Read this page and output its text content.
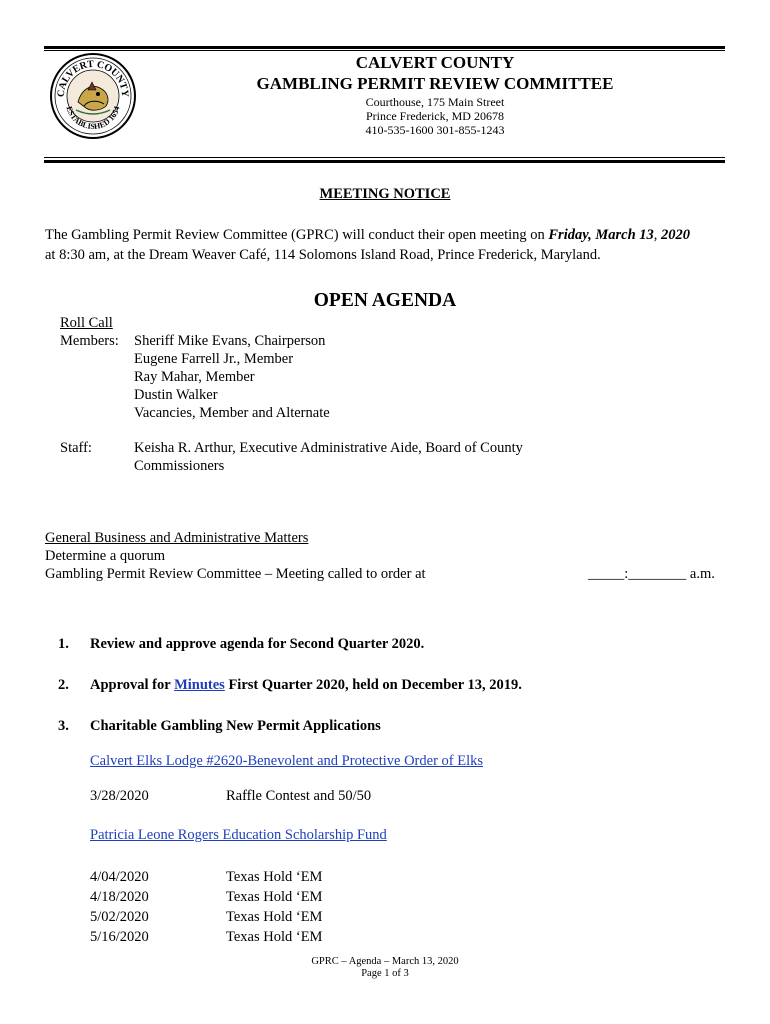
CALVERT COUNTY
ESTABLISHED 1654
CALVERT COUNTY
GAMBLING PERMIT REVIEW COMMITTEE
Courthouse, 175 Main Street
Prince Frederick, MD 20678
410-535-1600 301-855-1243
MEETING NOTICE
The Gambling Permit Review Committee (GPRC) will conduct their open meeting on Friday, March 13, 2020
at 8:30 am, at the Dream Weaver Café, 114 Solomons Island Road, Prince Frederick, Maryland.
OPEN AGENDA
Roll Call
Members: Sheriff Mike Evans, Chairperson
Eugene Farrell Jr., Member
Ray Mahar, Member
Dustin Walker
Vacancies, Member and Alternate
Staff:	Keisha R. Arthur, Executive Administrative Aide, Board of County
Commissioners
General Business and Administrative Matters
Determine a quorum
Gambling Permit Review Committee – Meeting called to order at	_____:________ a.m.
1. Review and approve agenda for Second Quarter 2020.
2. Approval for Minutes First Quarter 2020, held on December 13, 2019.
3. Charitable Gambling New Permit Applications
Calvert Elks Lodge #2620-Benevolent and Protective Order of Elks
3/28/2020	Raffle Contest and 50/50
Patricia Leone Rogers Education Scholarship Fund
4/04/2020	Texas Hold ‘EM
4/18/2020	Texas Hold ‘EM
5/02/2020	Texas Hold ‘EM
5/16/2020	Texas Hold ‘EM
GPRC – Agenda – March 13, 2020
Page 1 of 3
